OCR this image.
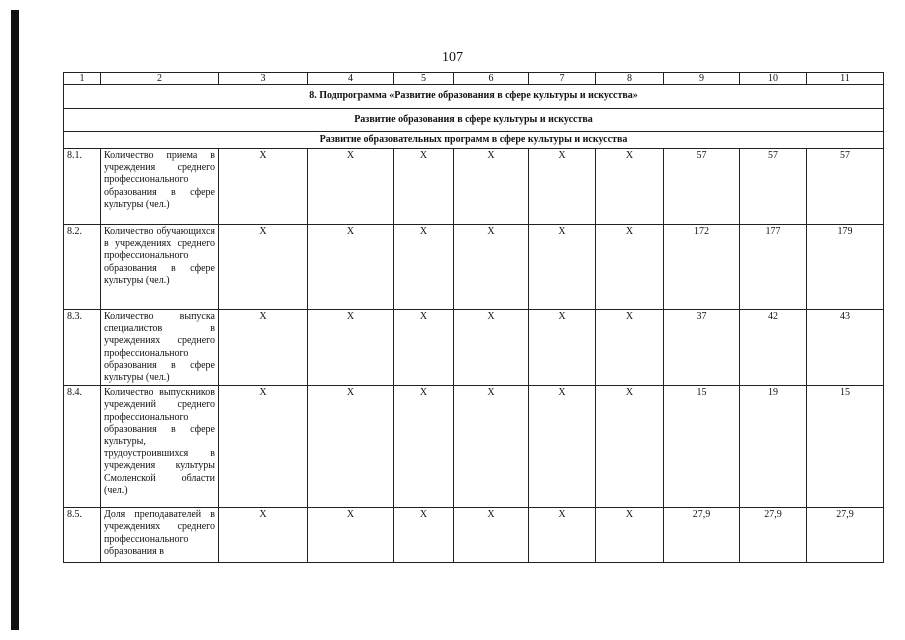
107
1	2	3	4	5	6	7	8	9	10	11
8. Подпрограмма «Развитие образования в сфере культуры и искусства»										
Развитие образования в сфере культуры и искусства										
Развитие образовательных программ в сфере культуры и искусства										
8.1.	Количество приема в учреждения среднего профессионального образования в сфере культуры (чел.)	X	X	X	X	X	X	57	57	57
8.2.	Количество обучающихся в учреждениях среднего профессионального образования в сфере культуры (чел.)	X	X	X	X	X	X	172	177	179
8.3.	Количество выпуска специалистов в учреждениях среднего профессионального образования в сфере культуры (чел.)	X	X	X	X	X	X	37	42	43
8.4.	Количество выпускников учреждений среднего профессионального образования в сфере культуры, трудоустроившихся в учреждения культуры Смоленской области (чел.)	X	X	X	X	X	X	15	19	15
8.5.	Доля преподавателей в учреждениях среднего профессионального образования в	X	X	X	X	X	X	27,9	27,9	27,9
